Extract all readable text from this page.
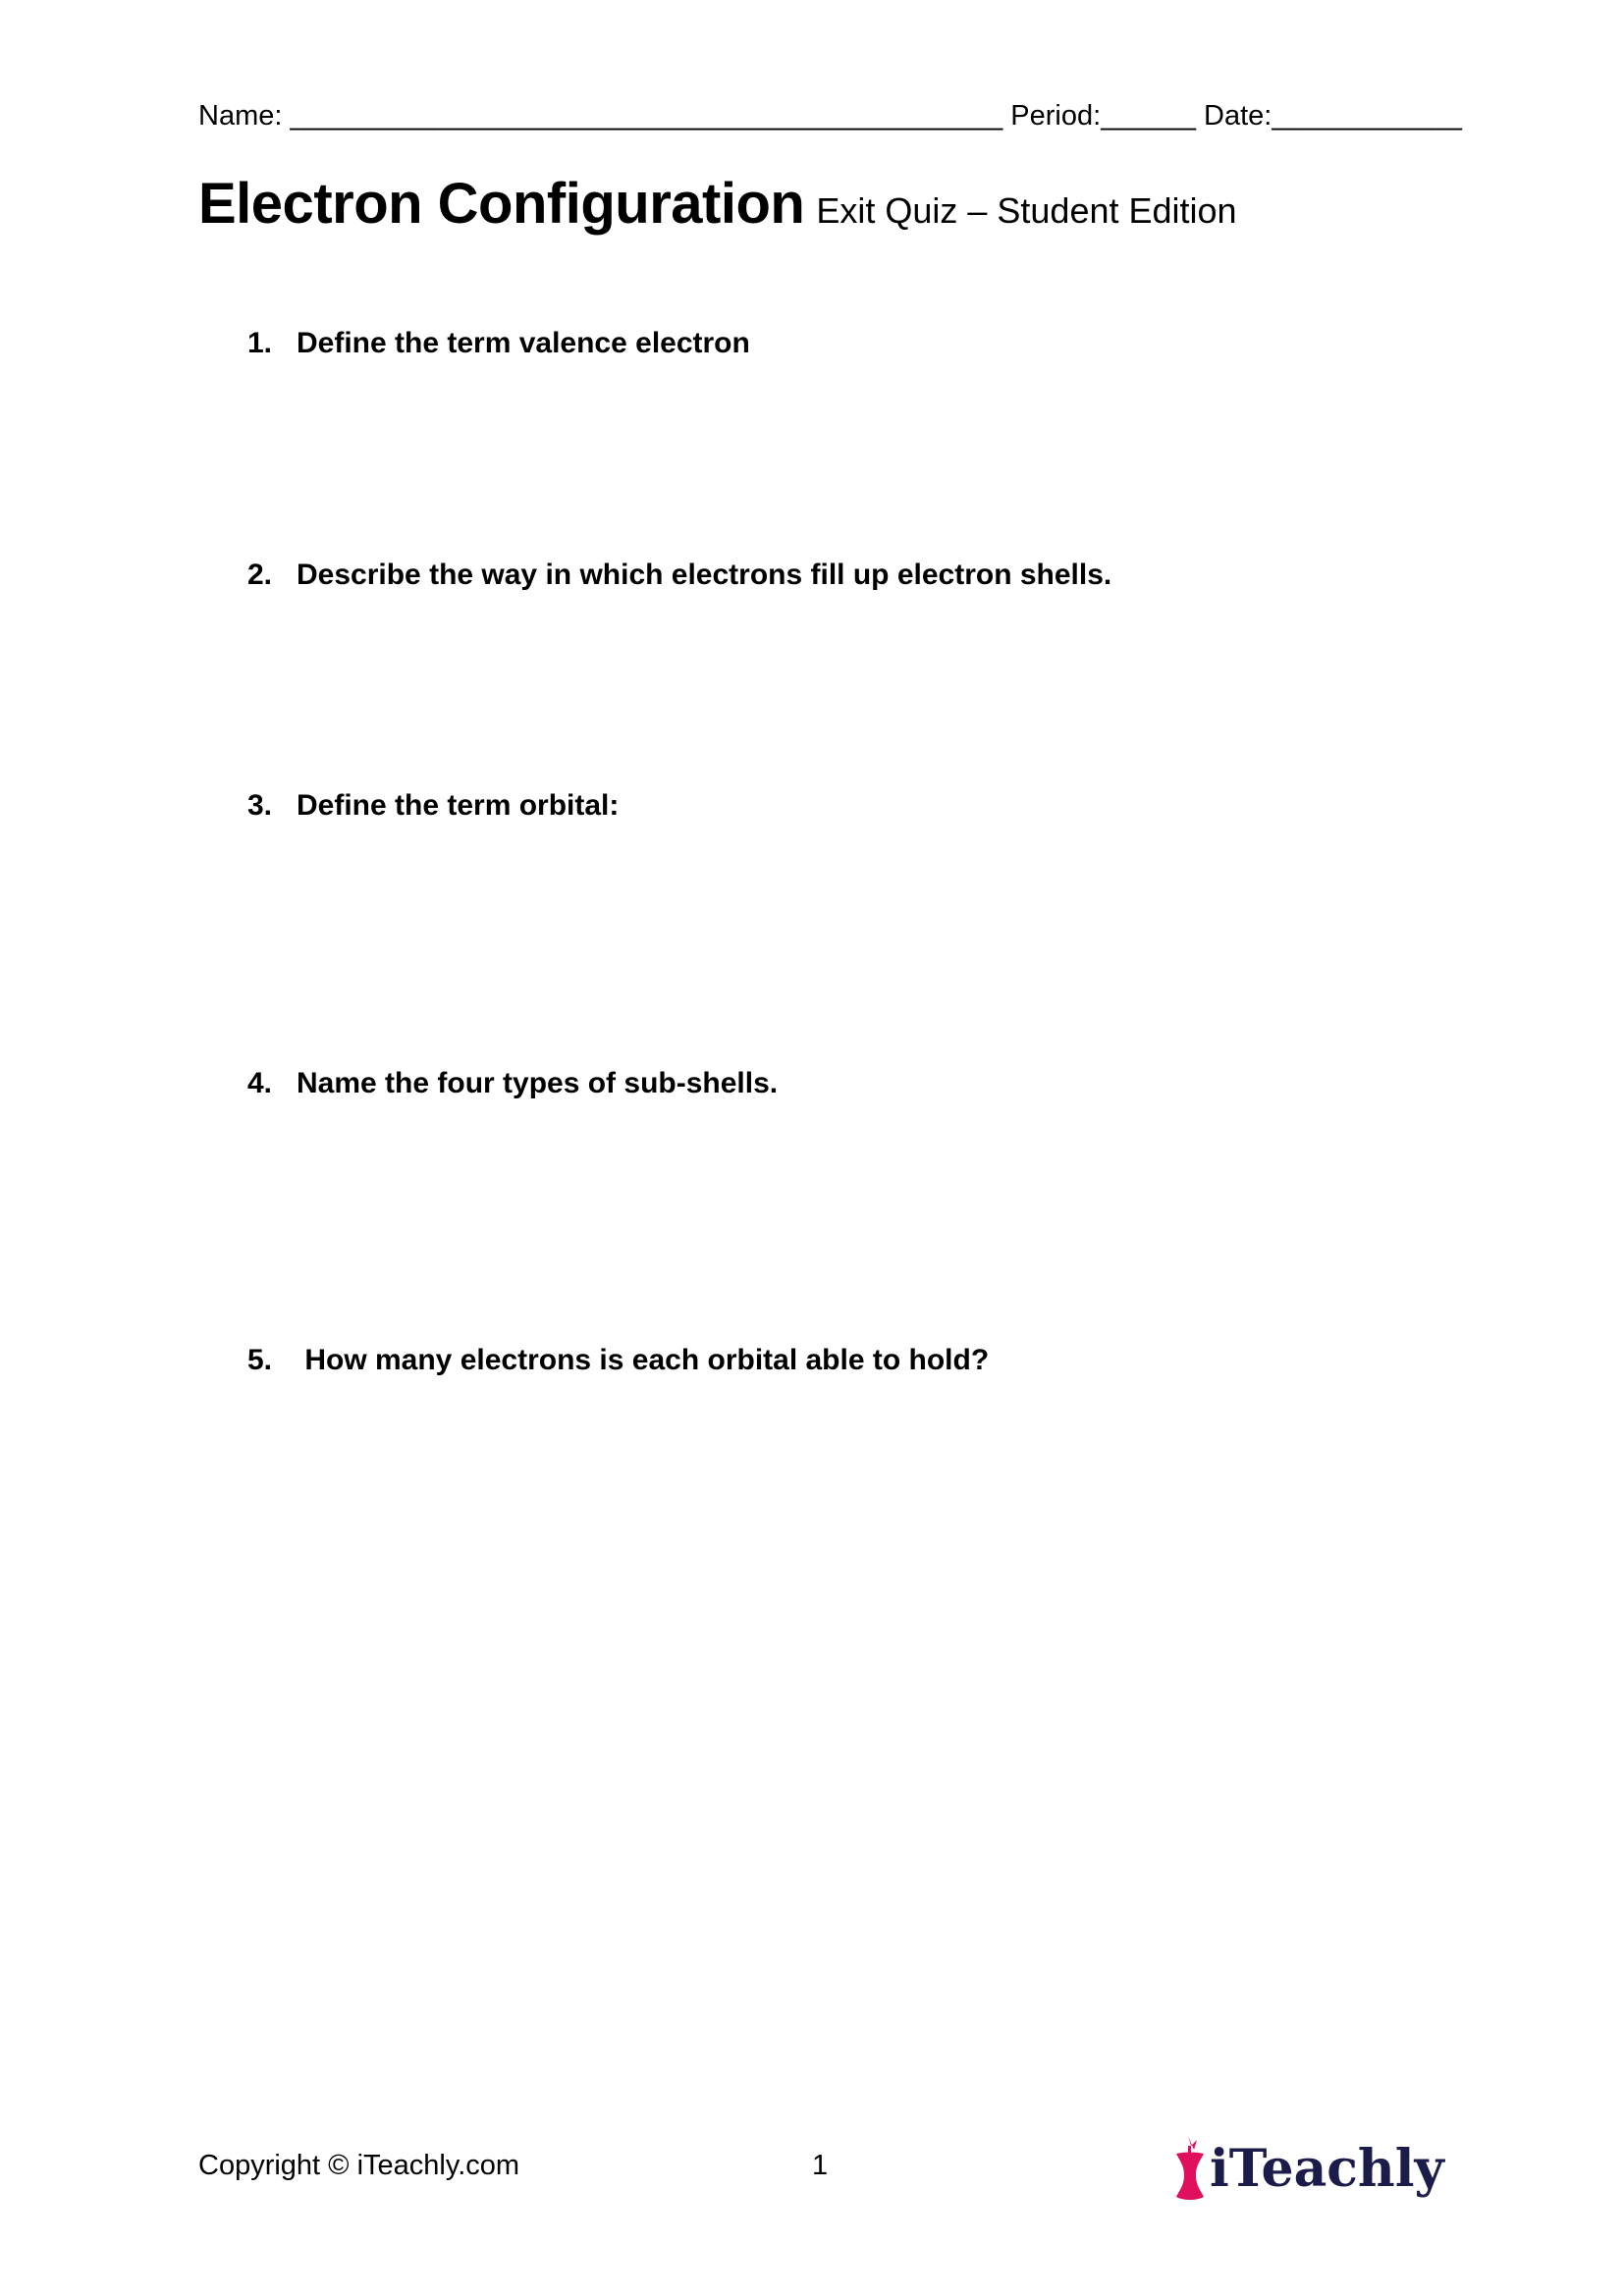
Name: _____________________________________________ Period:______ Date:____________
Electron Configuration Exit Quiz – Student Edition
1. Define the term valence electron
2. Describe the way in which electrons fill up electron shells.
3. Define the term orbital:
4. Name the four types of sub-shells.
5. How many electrons is each orbital able to hold?
Copyright © iTeachly.com	1	iTeachly
